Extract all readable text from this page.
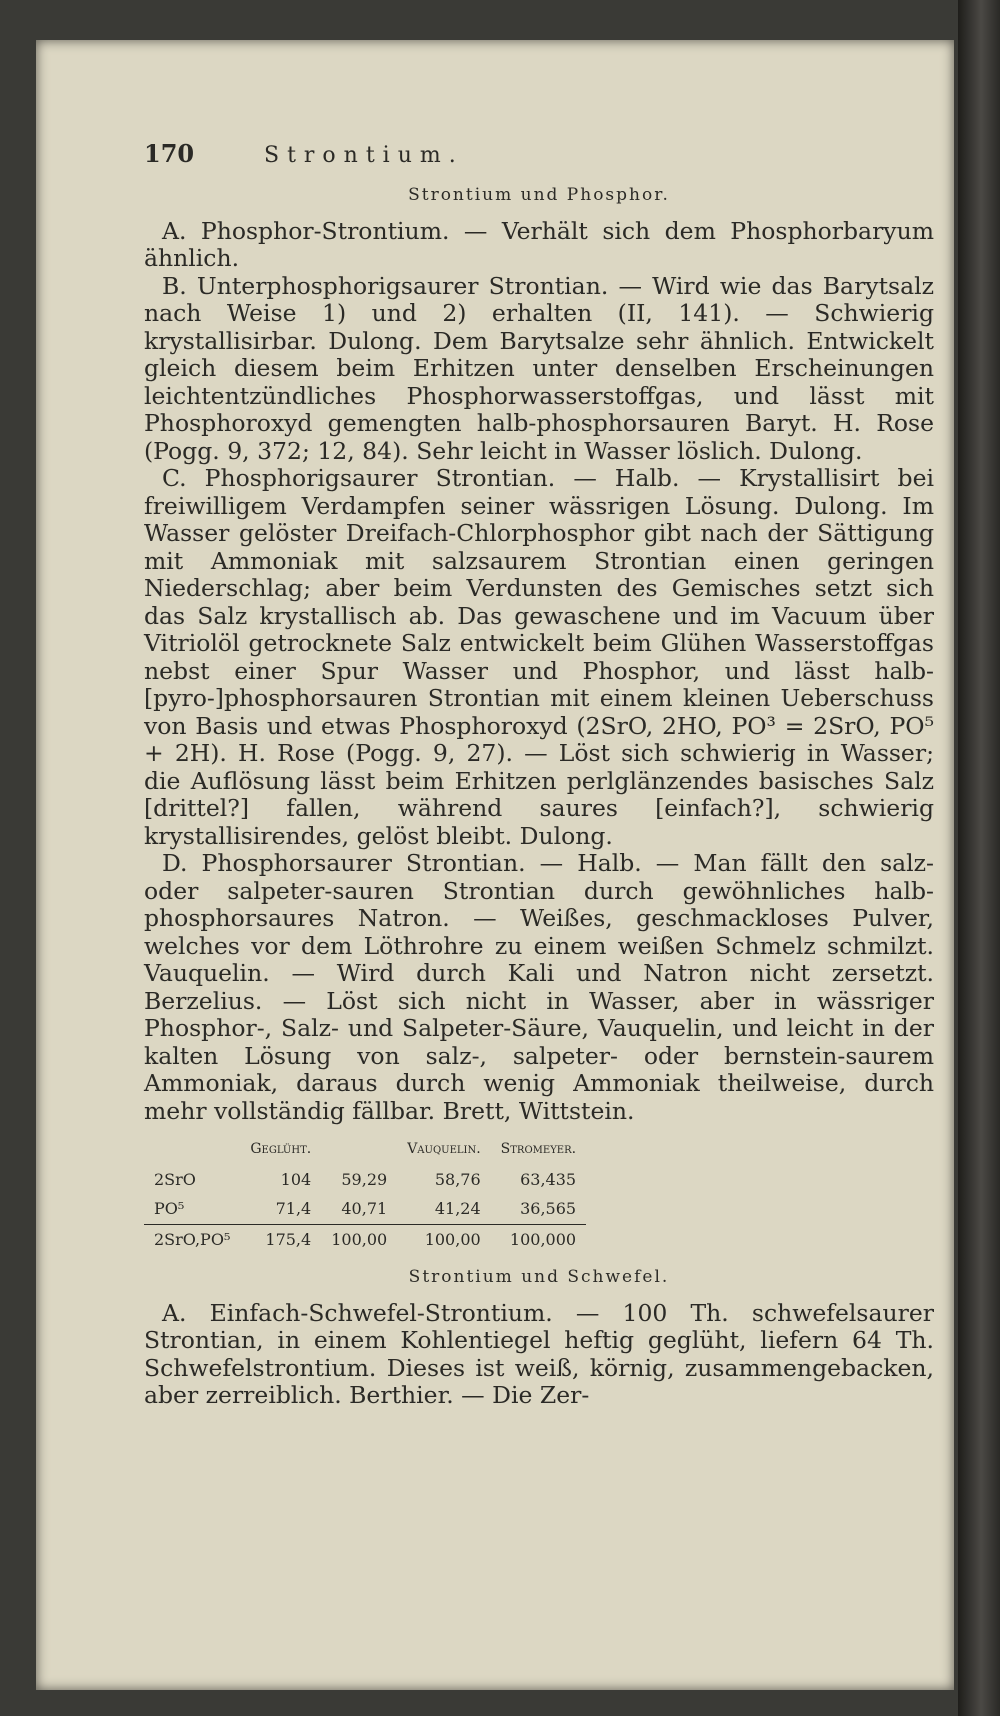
170	Strontium.
Strontium und Phosphor.

A. Phosphor-Strontium. — Verhält sich dem Phosphorbaryum ähnlich.

B. Unterphosphorigsaurer Strontian. — Wird wie das Barytsalz nach Weise 1) und 2) erhalten (II, 141). — Schwierig krystallisirbar. Dulong. Dem Barytsalze sehr ähnlich. Entwickelt gleich diesem beim Erhitzen unter denselben Erscheinungen leichtentzündliches Phosphorwasserstoffgas, und lässt mit Phosphoroxyd gemengten halb-phosphorsauren Baryt. H. Rose (Pogg. 9, 372; 12, 84). Sehr leicht in Wasser löslich. Dulong.

C. Phosphorigsaurer Strontian. — Halb. — Krystallisirt bei freiwilligem Verdampfen seiner wässrigen Lösung. Dulong. Im Wasser gelöster Dreifach-Chlorphosphor gibt nach der Sättigung mit Ammoniak mit salzsaurem Strontian einen geringen Niederschlag; aber beim Verdunsten des Gemisches setzt sich das Salz krystallisch ab. Das gewaschene und im Vacuum über Vitriolöl getrocknete Salz entwickelt beim Glühen Wasserstoffgas nebst einer Spur Wasser und Phosphor, und lässt halb-[pyro-]phosphorsauren Strontian mit einem kleinen Ueberschuss von Basis und etwas Phosphoroxyd (2SrO, 2HO, PO³ = 2SrO, PO⁵ + 2H). H. Rose (Pogg. 9, 27). — Löst sich schwierig in Wasser; die Auflösung lässt beim Erhitzen perlglänzendes basisches Salz [drittel?] fallen, während saures [einfach?], schwierig krystallisirendes, gelöst bleibt. Dulong.

D. Phosphorsaurer Strontian. — Halb. — Man fällt den salz- oder salpeter-sauren Strontian durch gewöhnliches halb-phosphorsaures Natron. — Weißes, geschmackloses Pulver, welches vor dem Löthrohre zu einem weißen Schmelz schmilzt. Vauquelin. — Wird durch Kali und Natron nicht zersetzt. Berzelius. — Löst sich nicht in Wasser, aber in wässriger Phosphor-, Salz- und Salpeter-Säure, Vauquelin, und leicht in der kalten Lösung von salz-, salpeter- oder bernstein-saurem Ammoniak, daraus durch wenig Ammoniak theilweise, durch mehr vollständig fällbar. Brett, Wittstein.

	Geglüht.		Vauquelin.	Stromeyer.
2SrO	104	59,29	58,76	63,435
PO⁵	71,4	40,71	41,24	36,565
2SrO,PO⁵	175,4	100,00	100,00	100,000
Strontium und Schwefel.

A. Einfach-Schwefel-Strontium. — 100 Th. schwefelsaurer Strontian, in einem Kohlentiegel heftig geglüht, liefern 64 Th. Schwefelstrontium. Dieses ist weiß, körnig, zusammengebacken, aber zerreiblich. Berthier. — Die Zer-
